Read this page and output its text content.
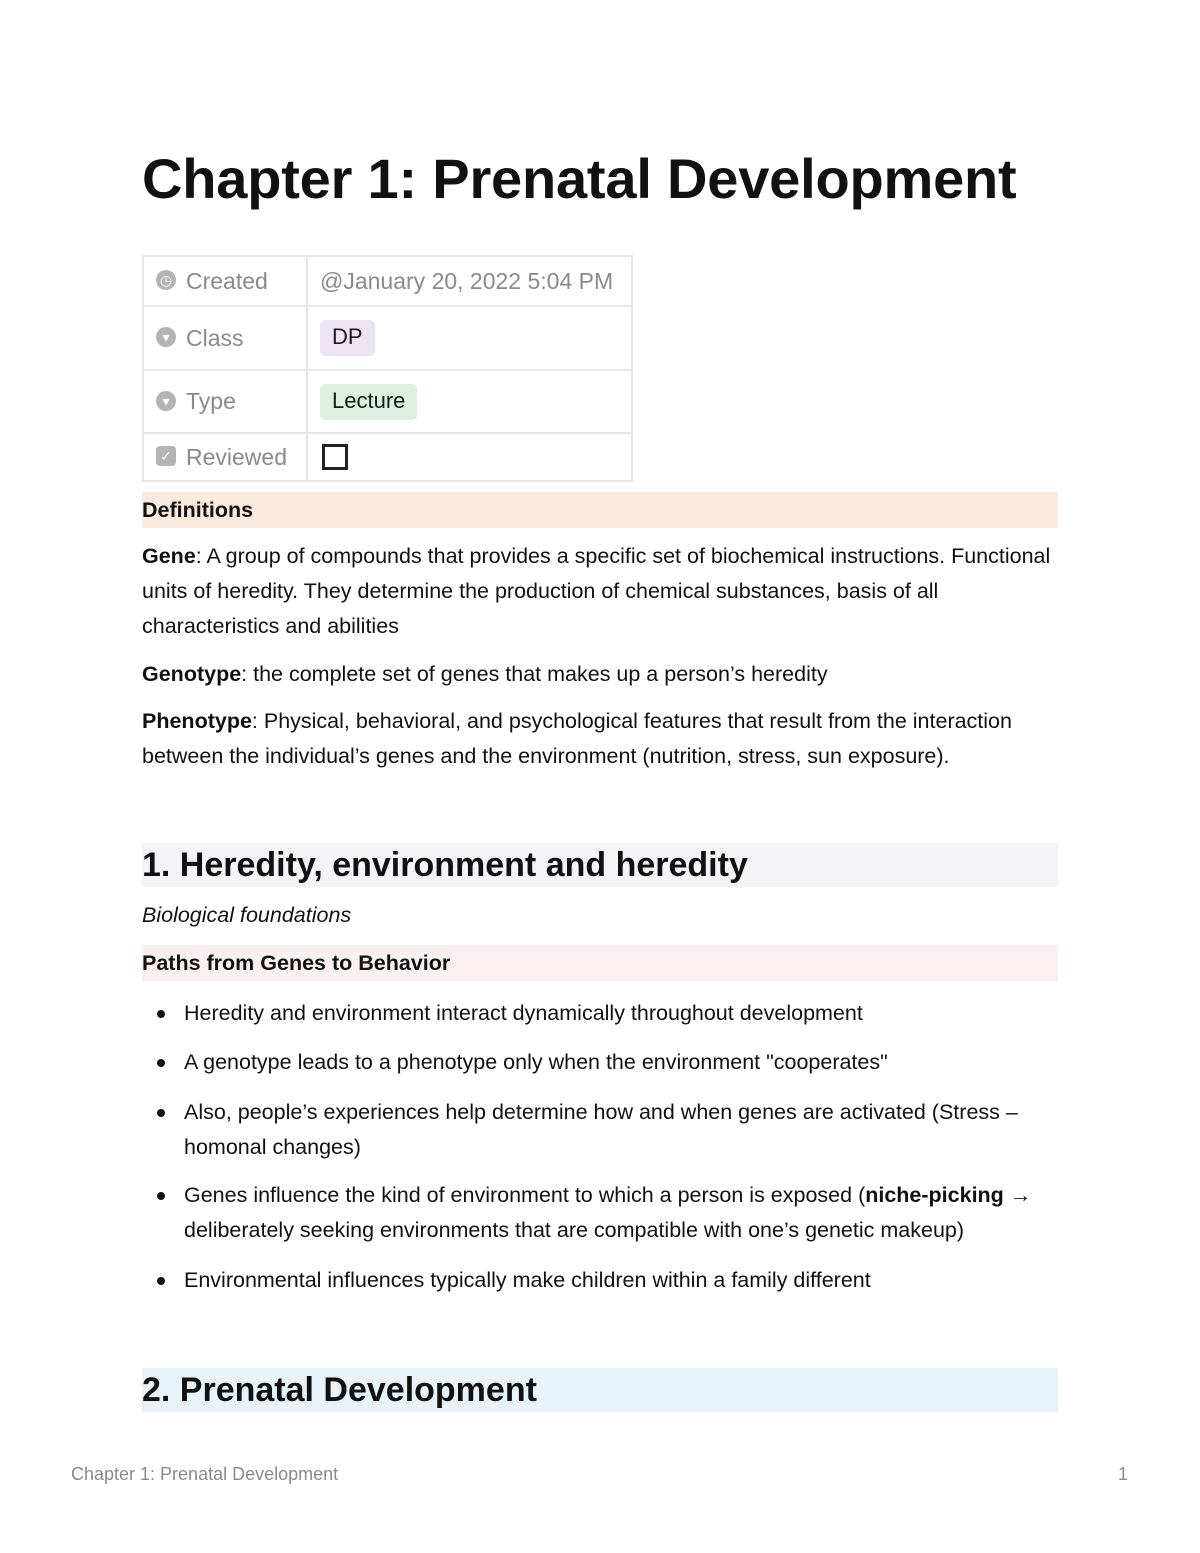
Chapter 1: Prenatal Development
◷ Created	@January 20, 2022 5:04 PM
▾ Class	DP
▾ Type	Lecture
✓ Reviewed	
Definitions

Gene: A group of compounds that provides a specific set of biochemical instructions. Functional units of heredity. They determine the production of chemical substances, basis of all characteristics and abilities

Genotype: the complete set of genes that makes up a person’s heredity

Phenotype: Physical, behavioral, and psychological features that result from the interaction between the individual’s genes and the environment (nutrition, stress, sun exposure).

1. Heredity, environment and heredity

Biological foundations

Paths from Genes to Behavior
Heredity and environment interact dynamically throughout development
A genotype leads to a phenotype only when the environment "cooperates"
Also, people’s experiences help determine how and when genes are activated (Stress – homonal changes)
Genes influence the kind of environment to which a person is exposed (niche-picking → deliberately seeking environments that are compatible with one’s genetic makeup)
Environmental influences typically make children within a family different
2. Prenatal Development
Chapter 1: Prenatal Development	1
